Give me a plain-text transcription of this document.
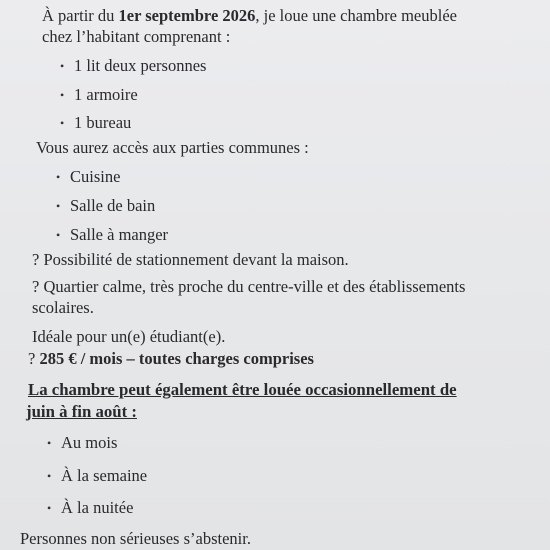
À partir du 1er septembre 2026, je loue une chambre meublée
chez l’habitant comprenant :
• 1 lit deux personnes
• 1 armoire
• 1 bureau
Vous aurez accès aux parties communes :
• Cuisine
• Salle de bain
• Salle à manger
? Possibilité de stationnement devant la maison.
? Quartier calme, très proche du centre-ville et des établissements
scolaires.
Idéale pour un(e) étudiant(e).
? 285 € / mois – toutes charges comprises
La chambre peut également être louée occasionnellement de
juin à fin août :
• Au mois
• À la semaine
• À la nuitée
Personnes non sérieuses s’abstenir.
